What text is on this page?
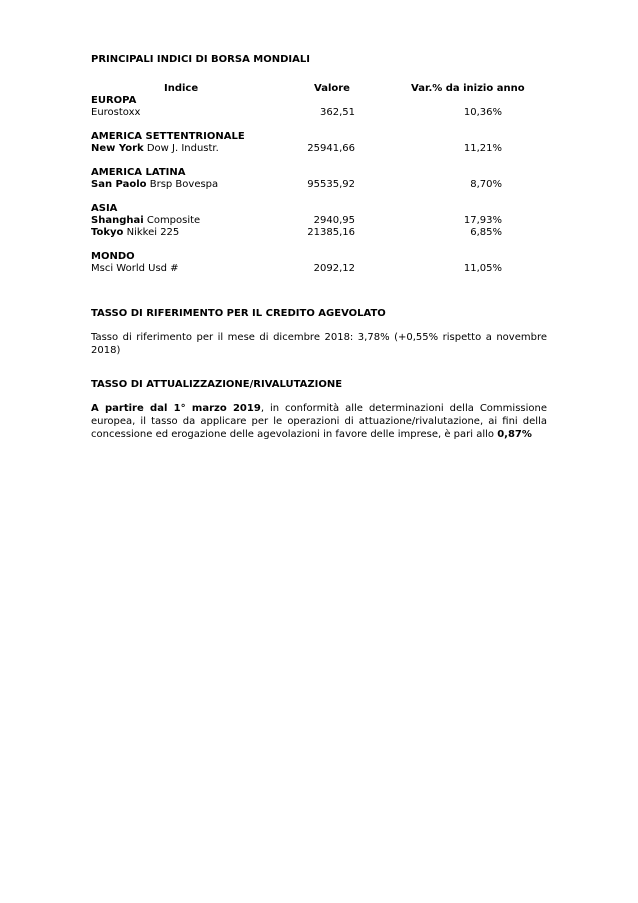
PRINCIPALI INDICI DI BORSA MONDIALI
Indice	Valore	Var.% da inizio anno
EUROPA
Eurostoxx	362,51	10,36%
AMERICA SETTENTRIONALE
New York Dow J. Industr.	25941,66	11,21%
AMERICA LATINA
San Paolo Brsp Bovespa	95535,92	8,70%
ASIA
Shanghai Composite	2940,95	17,93%
Tokyo Nikkei 225	21385,16	6,85%
MONDO
Msci World Usd #	2092,12	11,05%
TASSO DI RIFERIMENTO PER IL CREDITO AGEVOLATO

Tasso di riferimento per il mese di dicembre 2018: 3,78% (+0,55% rispetto a novembre 2018)

TASSO DI ATTUALIZZAZIONE/RIVALUTAZIONE

A partire dal 1° marzo 2019, in conformità alle determinazioni della Commissione europea, il tasso da applicare per le operazioni di attuazione/rivalutazione, ai fini della concessione ed erogazione delle agevolazioni in favore delle imprese, è pari allo 0,87%
